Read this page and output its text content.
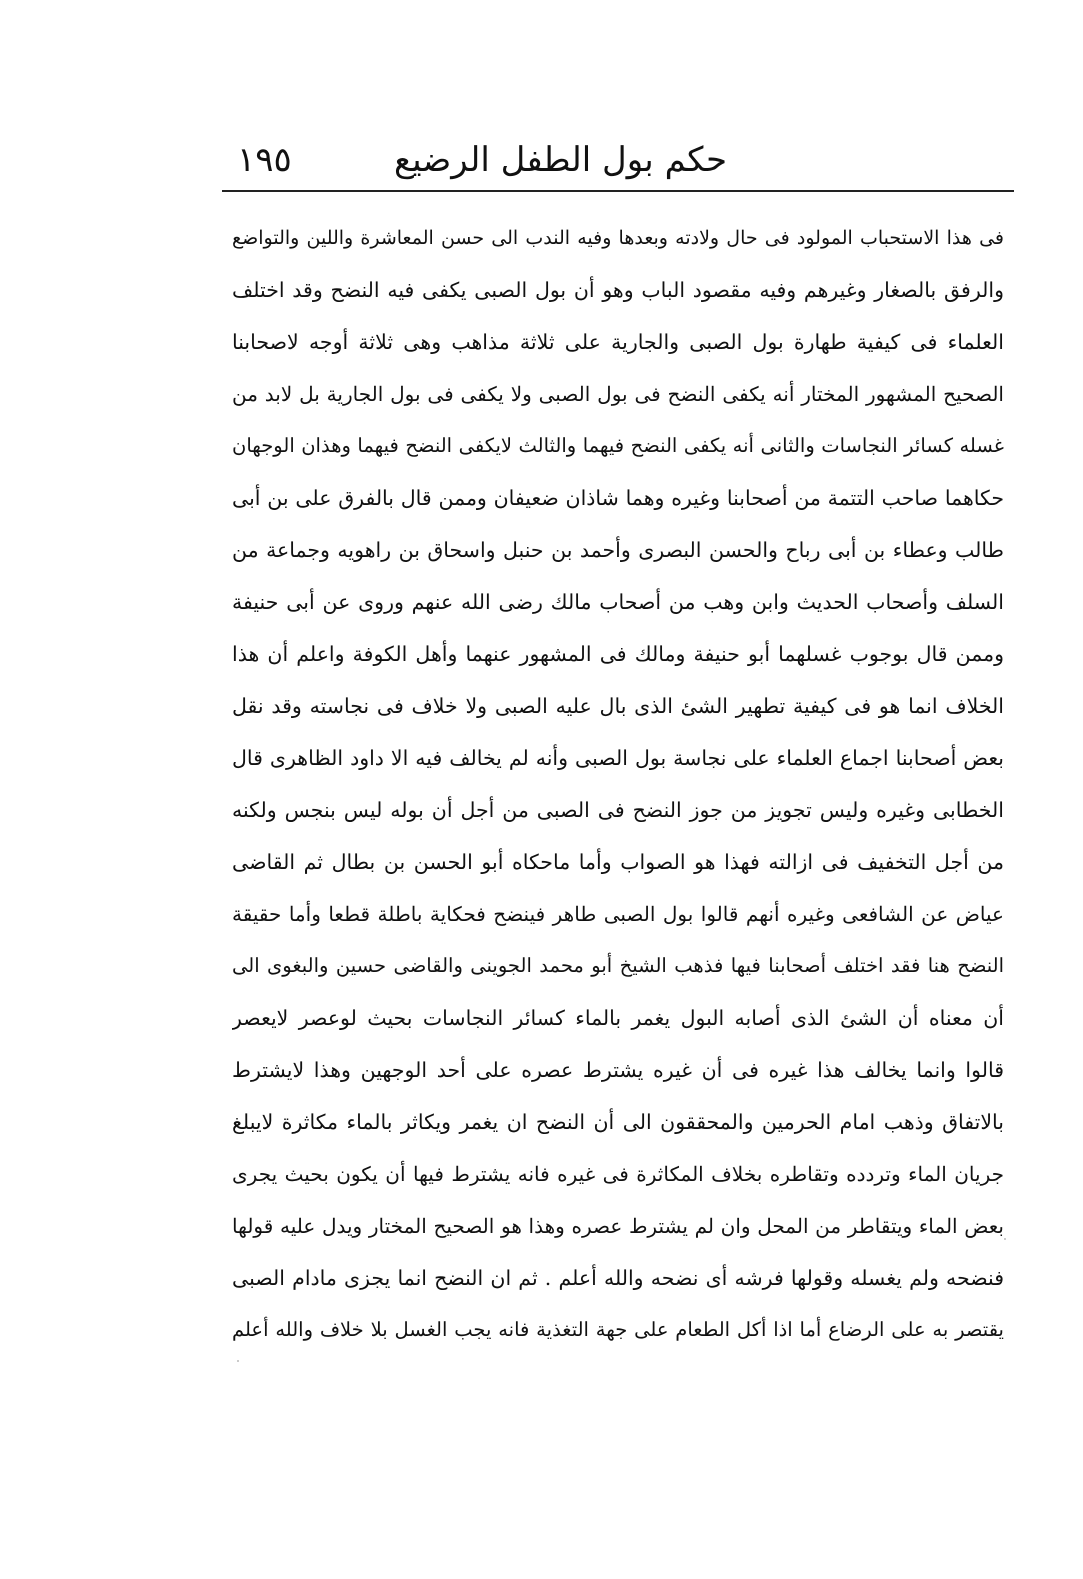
حكم بول الطفل الرضيع
١٩٥
فى هذا الاستحباب المولود فى حال ولادته وبعدها وفيه الندب الى حسن المعاشرة واللين والتواضع
والرفق بالصغار وغيرهم وفيه مقصود الباب وهو أن بول الصبى يكفى فيه النضح وقد اختلف
العلماء فى كيفية طهارة بول الصبى والجارية على ثلاثة مذاهب وهى ثلاثة أوجه لاصحابنا
الصحيح المشهور المختار أنه يكفى النضح فى بول الصبى ولا يكفى فى بول الجارية بل لابد من
غسله كسائر النجاسات والثانى أنه يكفى النضح فيهما والثالث لايكفى النضح فيهما وهذان الوجهان
حكاهما صاحب التتمة من أصحابنا وغيره وهما شاذان ضعيفان وممن قال بالفرق على بن أبى
طالب وعطاء بن أبى رباح والحسن البصرى وأحمد بن حنبل واسحاق بن راهويه وجماعة من
السلف وأصحاب الحديث وابن وهب من أصحاب مالك رضى الله عنهم وروى عن أبى حنيفة
وممن قال بوجوب غسلهما أبو حنيفة ومالك فى المشهور عنهما وأهل الكوفة واعلم أن هذا
الخلاف انما هو فى كيفية تطهير الشئ الذى بال عليه الصبى ولا خلاف فى نجاسته وقد نقل
بعض أصحابنا اجماع العلماء على نجاسة بول الصبى وأنه لم يخالف فيه الا داود الظاهرى قال
الخطابى وغيره وليس تجويز من جوز النضح فى الصبى من أجل أن بوله ليس بنجس ولكنه
من أجل التخفيف فى ازالته فهذا هو الصواب وأما ماحكاه أبو الحسن بن بطال ثم القاضى
عياض عن الشافعى وغيره أنهم قالوا بول الصبى طاهر فينضح فحكاية باطلة قطعا وأما حقيقة
النضح هنا فقد اختلف أصحابنا فيها فذهب الشيخ أبو محمد الجوينى والقاضى حسين والبغوى الى
أن معناه أن الشئ الذى أصابه البول يغمر بالماء كسائر النجاسات بحيث لوعصر لايعصر
قالوا وانما يخالف هذا غيره فى أن غيره يشترط عصره على أحد الوجهين وهذا لايشترط
بالاتفاق وذهب امام الحرمين والمحققون الى أن النضح ان يغمر ويكاثر بالماء مكاثرة لايبلغ
جريان الماء وتردده وتقاطره بخلاف المكاثرة فى غيره فانه يشترط فيها أن يكون بحيث يجرى
بعض الماء ويتقاطر من المحل وان لم يشترط عصره وهذا هو الصحيح المختار ويدل عليه قولها
فنضحه ولم يغسله وقولها فرشه أى نضحه والله أعلم . ثم ان النضح انما يجزى مادام الصبى
يقتصر به على الرضاع أما اذا أكل الطعام على جهة التغذية فانه يجب الغسل بلا خلاف والله أعلم
